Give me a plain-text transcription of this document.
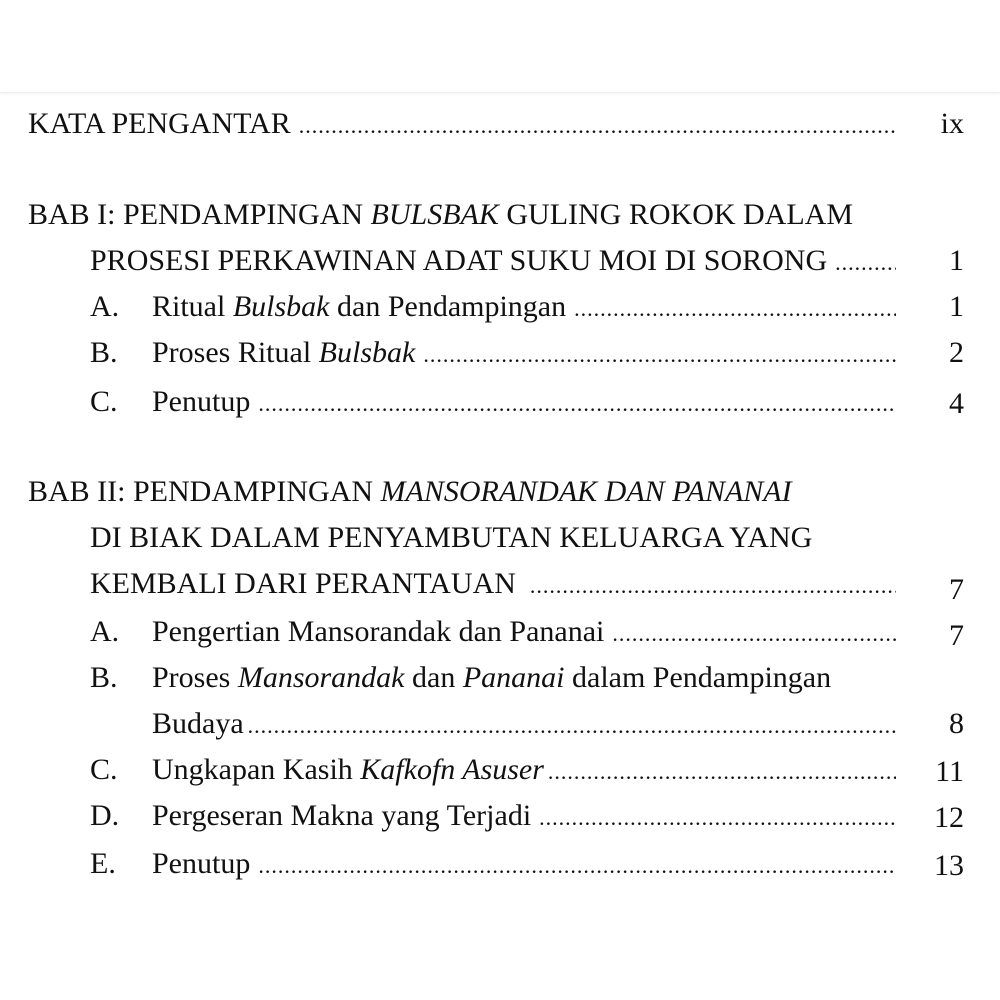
KATA PENGANTAR .....	ix
BAB I: PENDAMPINGAN BULSBAK GULING ROKOK DALAM
PROSESI PERKAWINAN ADAT SUKU MOI DI SORONG .....	1
A.	Ritual Bulsbak dan Pendampingan .....	1
B.	Proses Ritual Bulsbak .....	2
C.	Penutup .....	4
BAB II: PENDAMPINGAN MANSORANDAK DAN PANANAI
DI BIAK DALAM PENYAMBUTAN KELUARGA YANG
KEMBALI DARI PERANTAUAN .....	7
A.	Pengertian Mansorandak dan Pananai .....	7
B.	Proses Mansorandak dan Pananai dalam Pendampingan
Budaya .....	8
C.	Ungkapan Kasih Kafkofn Asuser .....	11
D.	Pergeseran Makna yang Terjadi .....	12
E.	Penutup .....	13
